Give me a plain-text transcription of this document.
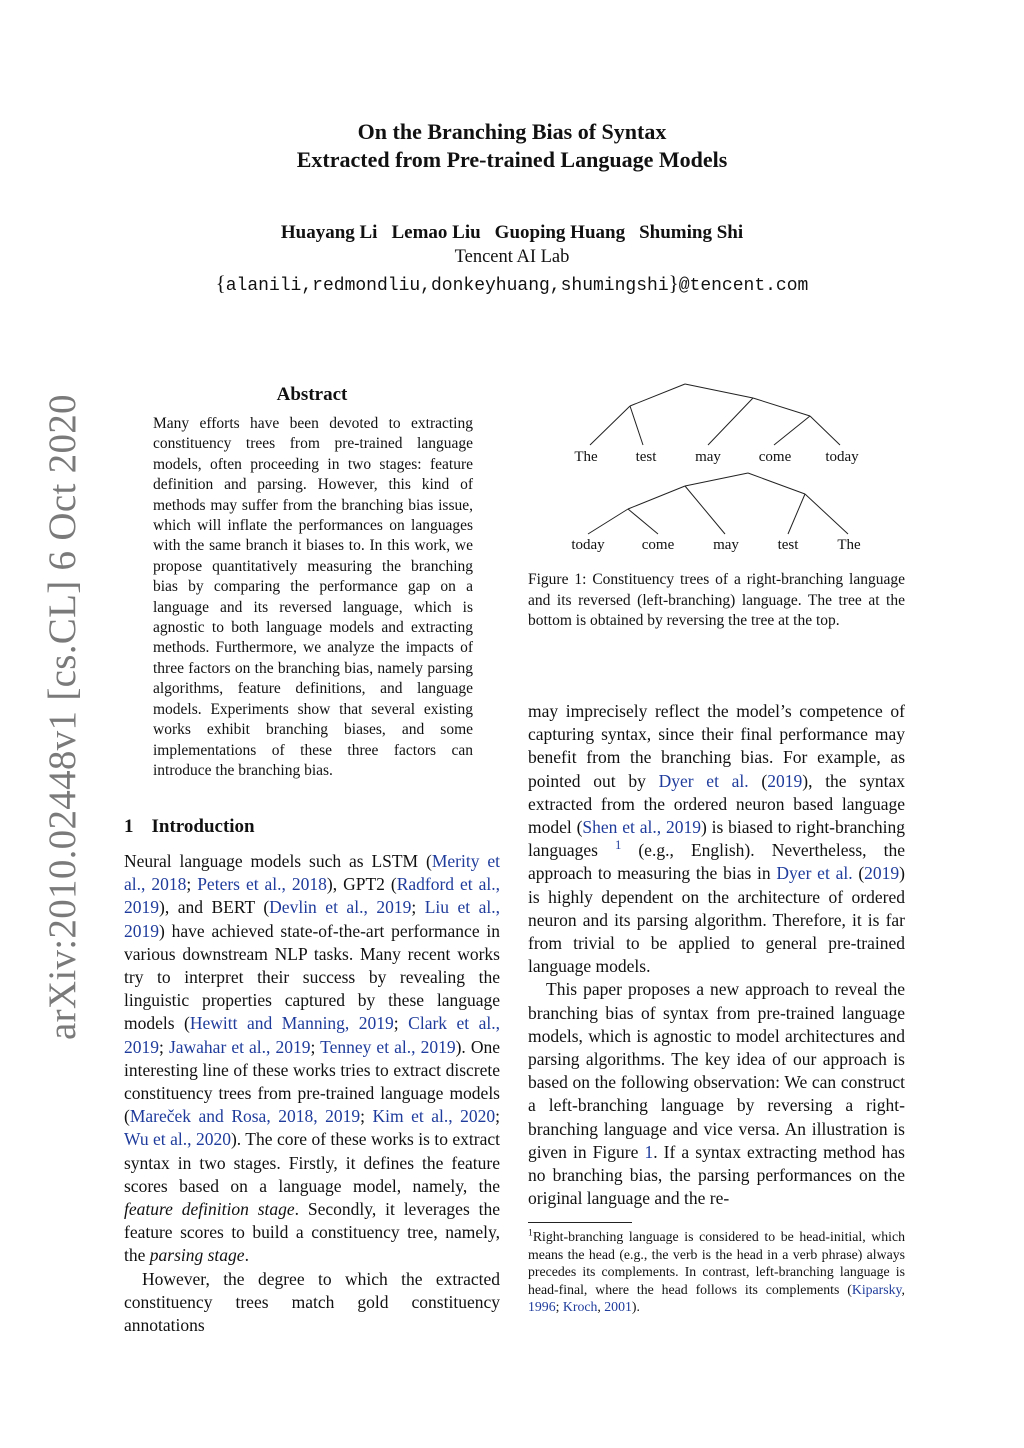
arXiv:2010.02448v1 [cs.CL] 6 Oct 2020
On the Branching Bias of Syntax
Extracted from Pre-trained Language Models
Huayang Li Lemao Liu Guoping Huang Shuming Shi
Tencent AI Lab
{alanili,redmondliu,donkeyhuang,shumingshi}@tencent.com
Abstract
Many efforts have been devoted to extracting constituency trees from pre-trained language models, often proceeding in two stages: feature definition and parsing. However, this kind of methods may suffer from the branching bias issue, which will inflate the performances on languages with the same branch it biases to. In this work, we propose quantitatively measuring the branching bias by comparing the performance gap on a language and its reversed language, which is agnostic to both language models and extracting methods. Furthermore, we analyze the impacts of three factors on the branching bias, namely parsing algorithms, feature definitions, and language models. Experiments show that several existing works exhibit branching biases, and some implementations of these three factors can introduce the branching bias.
1 Introduction

Neural language models such as LSTM (Merity et al., 2018; Peters et al., 2018), GPT2 (Radford et al., 2019), and BERT (Devlin et al., 2019; Liu et al., 2019) have achieved state-of-the-art performance in various downstream NLP tasks. Many recent works try to interpret their success by revealing the linguistic properties captured by these language models (Hewitt and Manning, 2019; Clark et al., 2019; Jawahar et al., 2019; Tenney et al., 2019). One interesting line of these works tries to extract discrete constituency trees from pre-trained language models (Mareček and Rosa, 2018, 2019; Kim et al., 2020; Wu et al., 2020). The core of these works is to extract syntax in two stages. Firstly, it defines the feature scores based on a language model, namely, the feature definition stage. Secondly, it leverages the feature scores to build a constituency tree, namely, the parsing stage.

However, the degree to which the extracted constituency trees match gold constituency annotations

The	test	may	come today
today come	may	test	The
Figure 1: Constituency trees of a right-branching language and its reversed (left-branching) language. The tree at the bottom is obtained by reversing the tree at the top.

may imprecisely reflect the model’s competence of capturing syntax, since their final performance may benefit from the branching bias. For example, as pointed out by Dyer et al. (2019), the syntax extracted from the ordered neuron based language model (Shen et al., 2019) is biased to right-branching languages $^1$ (e.g., English). Nevertheless, the approach to measuring the bias in Dyer et al. (2019) is highly dependent on the architecture of ordered neuron and its parsing algorithm. Therefore, it is far from trivial to be applied to general pre-trained language models.

This paper proposes a new approach to reveal the branching bias of syntax from pre-trained language models, which is agnostic to model architectures and parsing algorithms. The key idea of our approach is based on the following observation: We can construct a left-branching language by reversing a right-branching language and vice versa. An illustration is given in Figure 1. If a syntax extracting method has no branching bias, the parsing performances on the original language and the re-

$^1$Right-branching language is considered to be head-initial, which means the head (e.g., the verb is the head in a verb phrase) always precedes its complements. In contrast, left-branching language is head-final, where the head follows its complements (Kiparsky, 1996; Kroch, 2001).
